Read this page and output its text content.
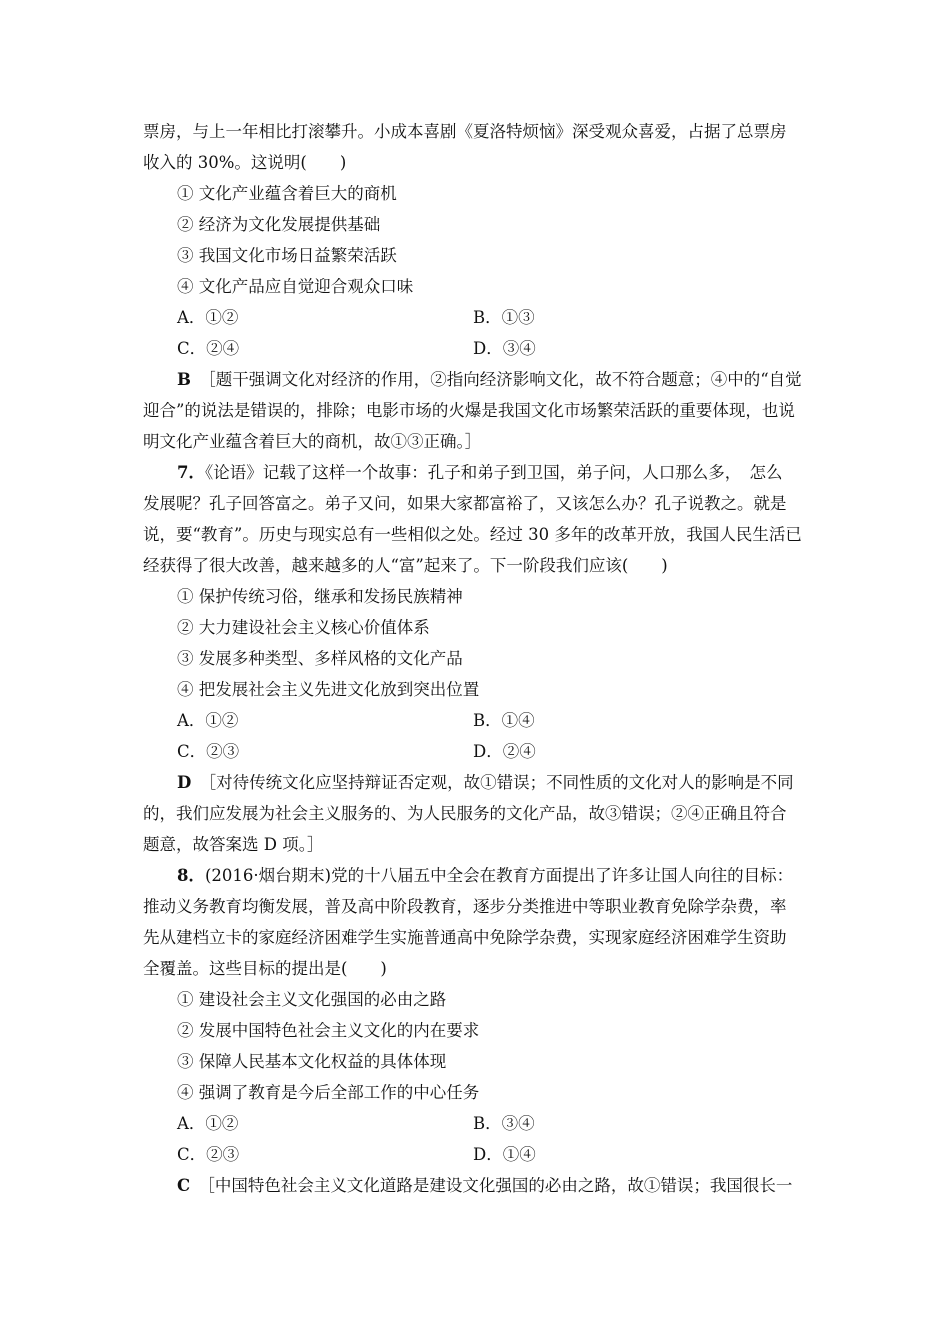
票房，与上一年相比打滚攀升。小成本喜剧《夏洛特烦恼》深受观众喜爱，占据了总票房
收入的 30%。这说明(　　)
① 文化产业蕴含着巨大的商机
② 经济为文化发展提供基础
③ 我国文化市场日益繁荣活跃
④ 文化产品应自觉迎合观众口味
A．①②	B．①③
C．②④	D．③④
B　 ［题干强调文化对经济的作用，②指向经济影响文化，故不符合题意；④中的“自觉
迎合”的说法是错误的，排除；电影市场的火爆是我国文化市场繁荣活跃的重要体现，也说
明文化产业蕴含着巨大的商机，故①③正确。］
7．《论语》记载了这样一个故事：孔子和弟子到卫国，弟子问，人口那么多，　怎么
发展呢？孔子回答富之。弟子又问，如果大家都富裕了，又该怎么办？孔子说教之。就是
说，要“教育”。历史与现实总有一些相似之处。经过 30 多年的改革开放，我国人民生活已
经获得了很大改善，越来越多的人“富”起来了。下一阶段我们应该(　　)
① 保护传统习俗，继承和发扬民族精神
② 大力建设社会主义核心价值体系
③ 发展多种类型、多样风格的文化产品
④ 把发展社会主义先进文化放到突出位置
A．①②	B．①④
C．②③	D．②④
D　 ［对待传统文化应坚持辩证否定观，故①错误；不同性质的文化对人的影响是不同
的，我们应发展为社会主义服务的、为人民服务的文化产品，故③错误；②④正确且符合
题意，故答案选 D 项。］
8．(2016·烟台期末)党的十八届五中全会在教育方面提出了许多让国人向往的目标：
推动义务教育均衡发展，普及高中阶段教育，逐步分类推进中等职业教育免除学杂费，率
先从建档立卡的家庭经济困难学生实施普通高中免除学杂费，实现家庭经济困难学生资助
全覆盖。这些目标的提出是(　　)
① 建设社会主义文化强国的必由之路
② 发展中国特色社会主义文化的内在要求
③ 保障人民基本文化权益的具体体现
④ 强调了教育是今后全部工作的中心任务
A．①②	B．③④
C．②③	D．①④
C　 ［中国特色社会主义文化道路是建设文化强国的必由之路，故①错误；我国很长一
